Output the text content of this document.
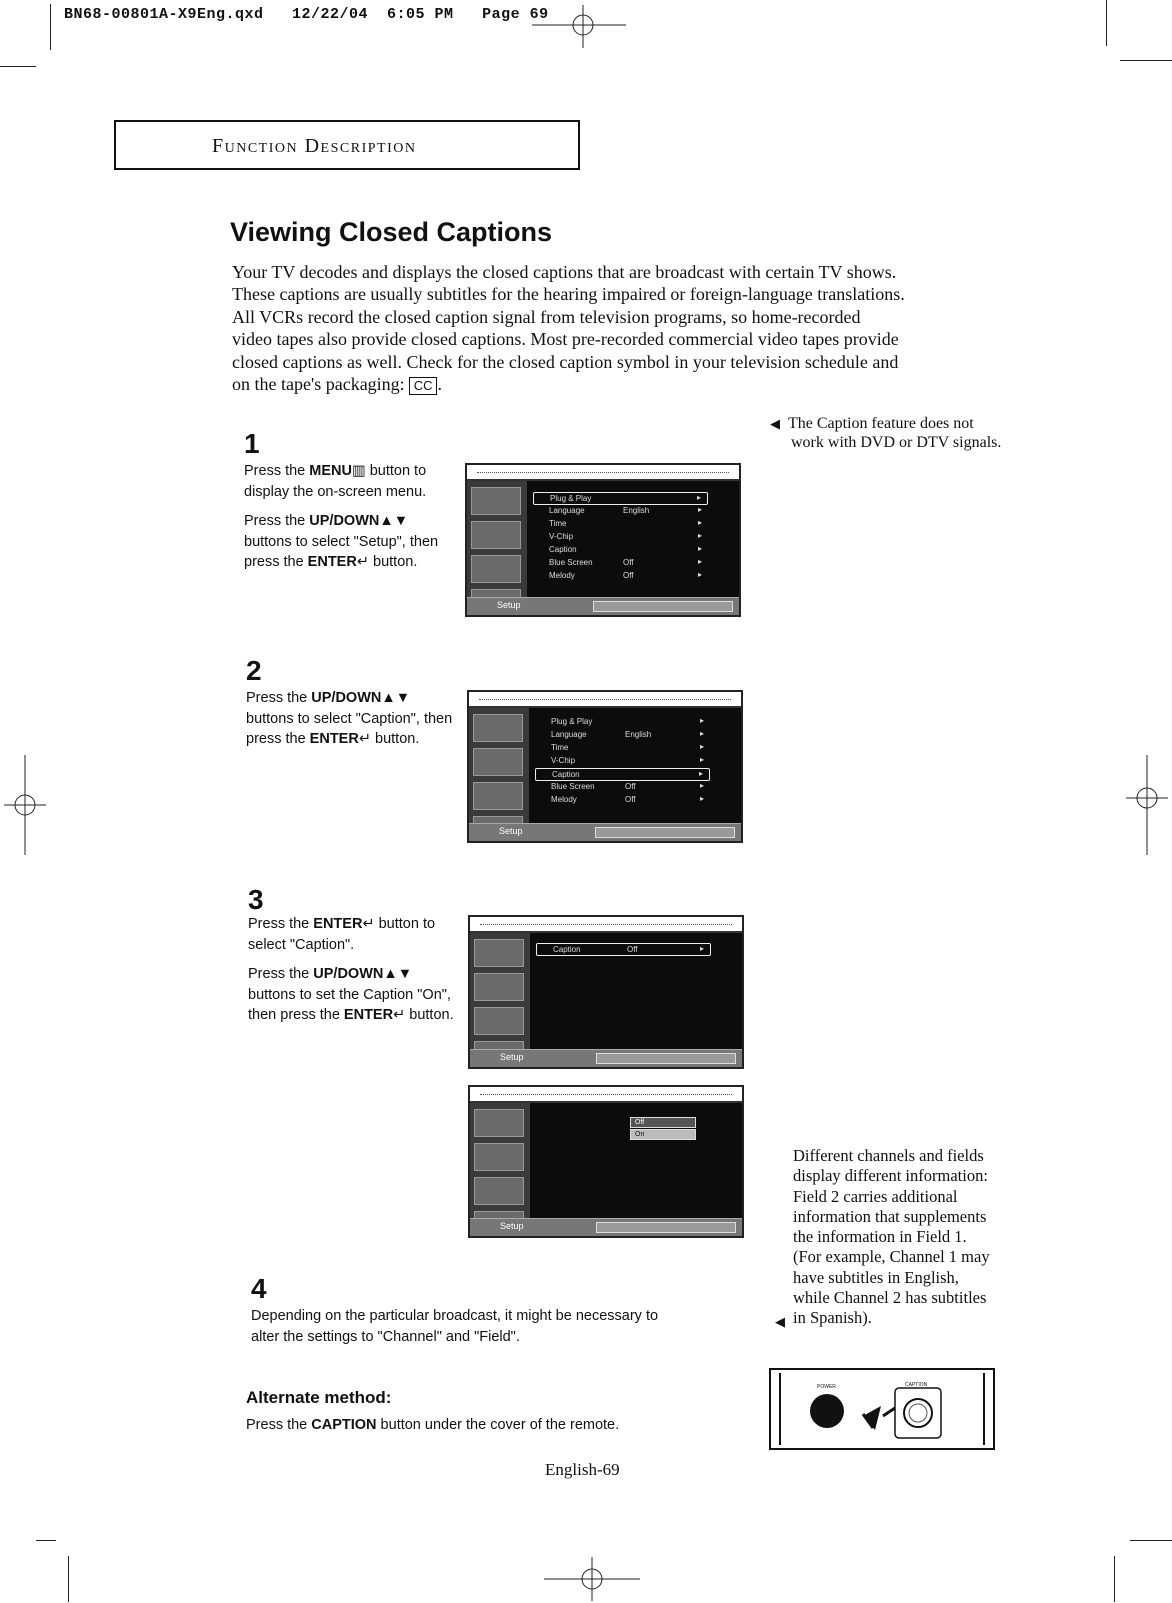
BN68-00801A-X9Eng.qxd   12/22/04  6:05 PM   Page 69
Function Description
Viewing Closed Captions
Your TV decodes and displays the closed captions that are broadcast with certain TV shows.
These captions are usually subtitles for the hearing impaired or foreign-language translations.
All VCRs record the closed caption signal from television programs, so home-recorded
video tapes also provide closed captions. Most pre-recorded commercial video tapes provide
closed captions as well. Check for the closed caption symbol in your television schedule and
on the tape's packaging: CC .
◀ The Caption feature does not
work with DVD or DTV signals.
1

Press the MENU▥ button to display the on-screen menu.

Press the UP/DOWN▲▼ buttons to select "Setup", then press the ENTER↵ button.

Plug & Play	▸
Language	English	▸
Time	▸
V-Chip	▸
Caption	▸
Blue Screen	Off	▸
Melody	Off	▸
Setup
2

Press the UP/DOWN▲▼ buttons to select "Caption", then press the ENTER↵ button.

Plug & Play	▸
Language	English	▸
Time	▸
V-Chip	▸
Caption	▸
Blue Screen	Off	▸
Melody	Off	▸
Setup
3

Press the ENTER↵ button to select "Caption".

Press the UP/DOWN▲▼ buttons to set the Caption "On", then press the ENTER↵ button.

Caption	Off	▸
Setup
Off
On
Setup
Different channels and fields
display different information:
Field 2 carries additional
information that supplements
the information in Field 1.
(For example, Channel 1 may
have subtitles in English,
while Channel 2 has subtitles
in Spanish).
◀
POWER	CAPTION
4
Depending on the particular broadcast, it might be necessary to alter the settings to "Channel" and "Field".
Alternate method:
Press the CAPTION button under the cover of the remote.
English-69
